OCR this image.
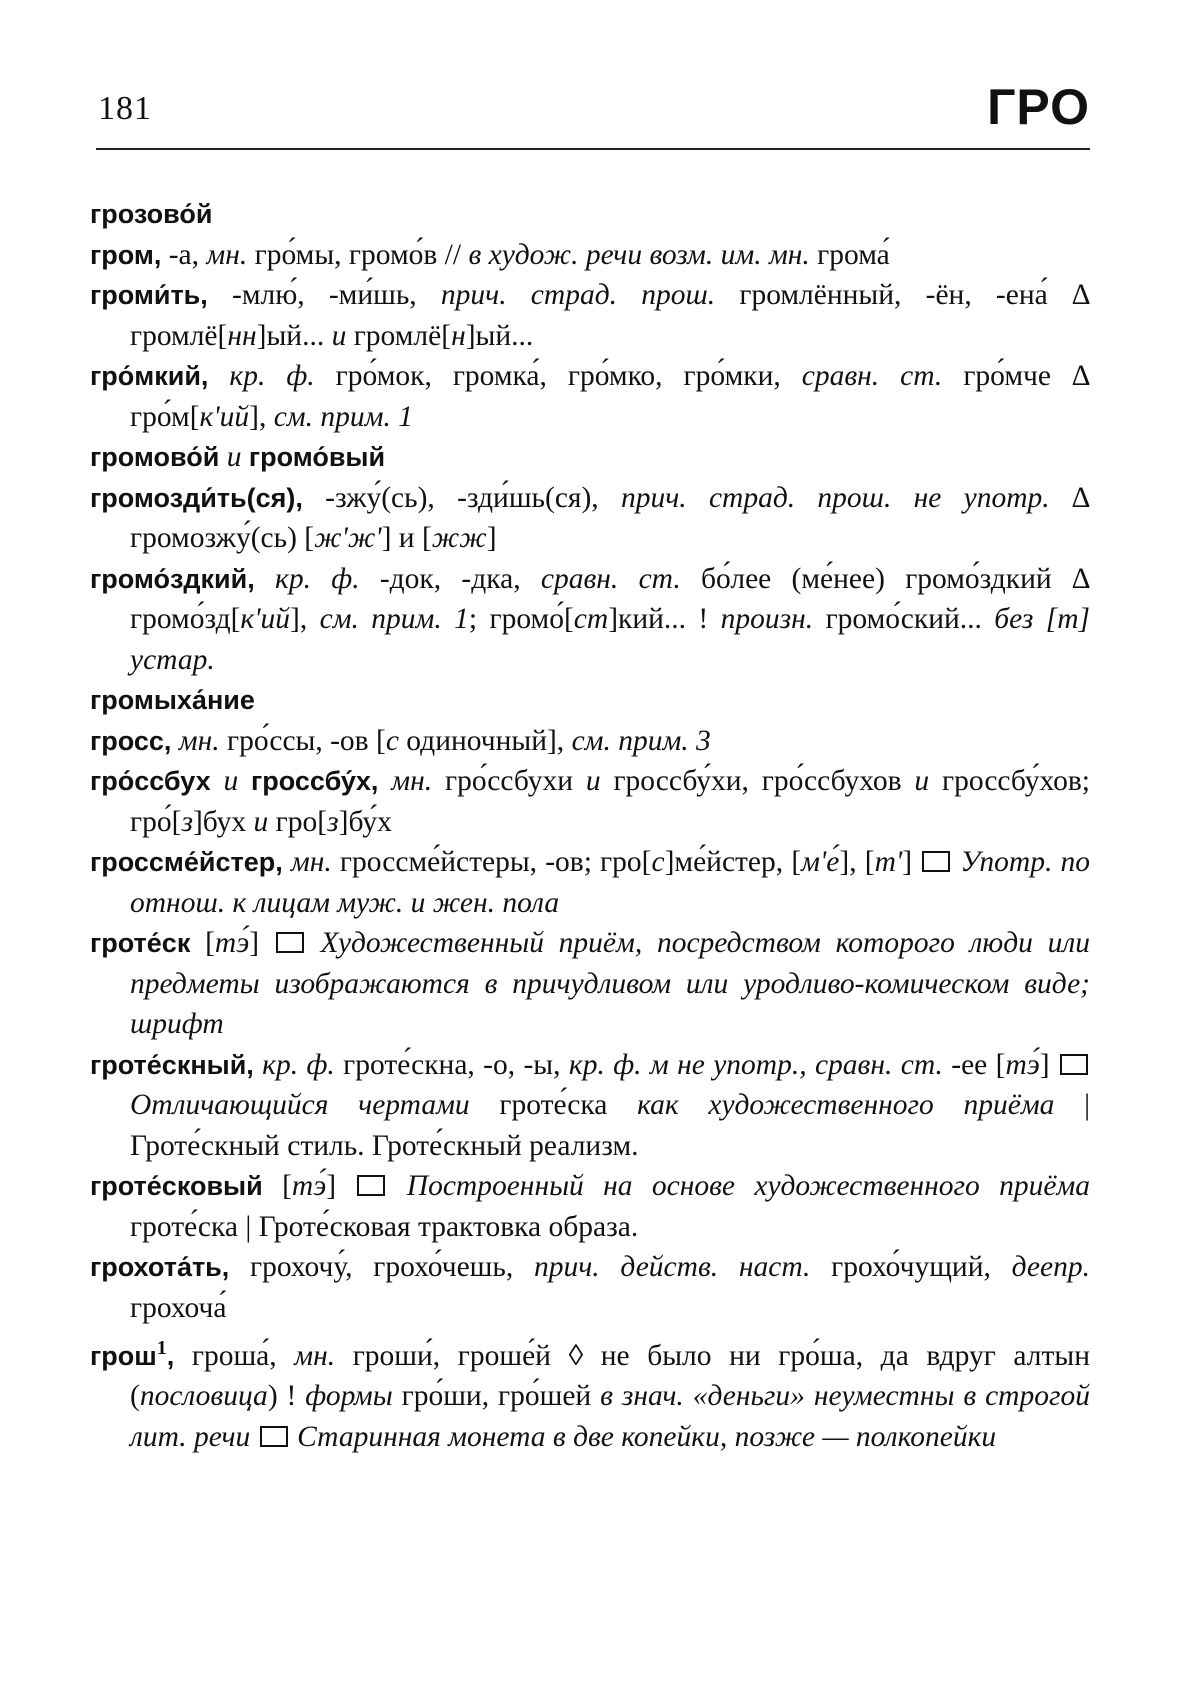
181	ГРО

грозово́й

гром, -а, мн. гро́мы, громо́в // в худож. речи возм. им. мн. грома́

громи́ть, -млю́, -ми́шь, прич. страд. прош. громлённый, -ён, -ена́ ∆ громлё[нн]ый... и громлё[н]ый...

гро́мкий, кр. ф. гро́мок, громка́, гро́мко, гро́мки, сравн. ст. гро́мче ∆ гро́м[кʹий], см. прим. 1

громово́й и громо́вый

громозди́ть(ся), -зжу́(сь), -зди́шь(ся), прич. страд. прош. не употр. ∆ громозжу́(сь) [жʹжʹ] и [жж]

громо́здкий, кр. ф. -док, -дка, сравн. ст. бо́лее (ме́нее) громо́здкий ∆ громо́зд[кʹий], см. прим. 1; громо́[ст]кий... ! произн. громо́ский... без [т] устар.

громыха́ние

гросс, мн. гро́ссы, -ов [с одиночный], см. прим. 3

гро́ссбух и гроссбу́х, мн. гро́ссбухи и гроссбу́хи, гро́ссбухов и гроссбу́хов; гро́[з]бух и гро[з]бу́х

гроссме́йстер, мн. гроссме́йстеры, -ов; гро[с]ме́йстер, [мʹе́], [тʹ]  Употр. по отнош. к лицам муж. и жен. пола

гроте́ск [тэ́]  Художественный приём, посредством которого люди или предметы изображаются в причудливом или уродливо-комическом виде; шрифт

гроте́скный, кр. ф. гроте́скна, -о, -ы, кр. ф. м не употр., сравн. ст. -ее [тэ́]  Отличающийся чертами гроте́ска как художественного приёма | Гроте́скный стиль. Гроте́скный реализм.

гроте́сковый [тэ́]  Построенный на основе художественного приёма гроте́ска | Гроте́сковая трактовка образа.

грохота́ть, грохочу́, грохо́чешь, прич. действ. наст. грохо́чущий, деепр. грохоча́

грош$^1$, гроша́, мн. гроши́, гроше́й ◊ не было ни гро́ша, да вдруг алтын (пословица) ! формы гро́ши, гро́шей в знач. «деньги» неуместны в строгой лит. речи Старинная монета в две копейки, позже — полкопейки
